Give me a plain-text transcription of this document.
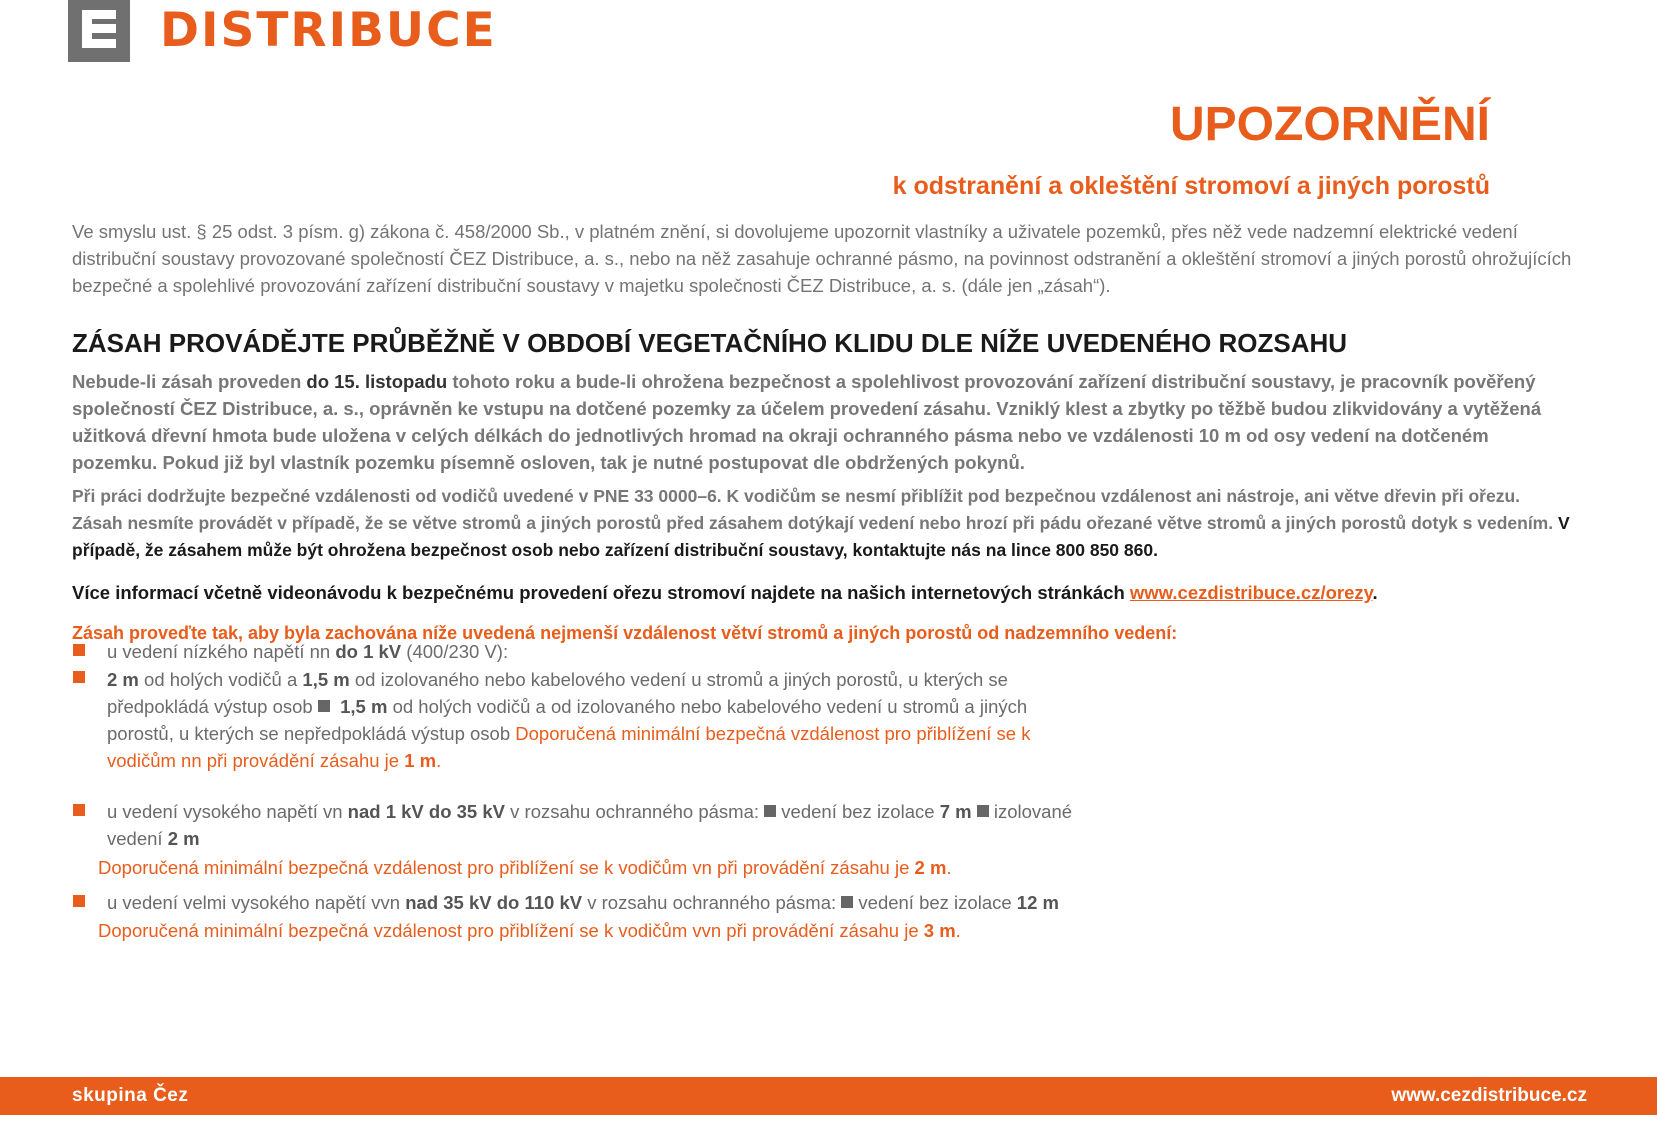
DISTRIBUCE
UPOZORNĚNÍ
k odstranění a okleštění stromoví a jiných porostů
Ve smyslu ust. § 25 odst. 3 písm. g) zákona č. 458/2000 Sb., v platném znění, si dovolujeme upozornit vlastníky a uživatele pozemků, přes něž vede nadzemní elektrické vedení distribuční soustavy provozované společností ČEZ Distribuce, a. s., nebo na něž zasahuje ochranné pásmo, na povinnost odstranění a okleštění stromoví a jiných porostů ohrožujících bezpečné a spolehlivé provozování zařízení distribuční soustavy v majetku společnosti ČEZ Distribuce, a. s. (dále jen „zásah“).
ZÁSAH PROVÁDĚJTE PRŮBĚŽNĚ V OBDOBÍ VEGETAČNÍHO KLIDU DLE NÍŽE UVEDENÉHO ROZSAHU
Nebude-li zásah proveden do 15. listopadu tohoto roku a bude-li ohrožena bezpečnost a spolehlivost provozování zařízení distribuční soustavy, je pracovník pověřený společností ČEZ Distribuce, a. s., oprávněn ke vstupu na dotčené pozemky za účelem provedení zásahu. Vzniklý klest a zbytky po těžbě budou zlikvidovány a vytěžená užitková dřevní hmota bude uložena v celých délkách do jednotlivých hromad na okraji ochranného pásma nebo ve vzdálenosti 10 m od osy vedení na dotčeném pozemku. Pokud již byl vlastník pozemku písemně osloven, tak je nutné postupovat dle obdržených pokynů.
Při práci dodržujte bezpečné vzdálenosti od vodičů uvedené v PNE 33 0000–6. K vodičům se nesmí přiblížit pod bezpečnou vzdálenost ani nástroje, ani větve dřevin při ořezu. Zásah nesmíte provádět v případě, že se větve stromů a jiných porostů před zásahem dotýkají vedení nebo hrozí při pádu ořezané větve stromů a jiných porostů dotyk s vedením. V případě, že zásahem může být ohrožena bezpečnost osob nebo zařízení distribuční soustavy, kontaktujte nás na lince 800 850 860.
Více informací včetně videonávodu k bezpečnému provedení ořezu stromoví najdete na našich internetových stránkách www.cezdistribuce.cz/orezy.
Zásah proveďte tak, aby byla zachována níže uvedená nejmenší vzdálenost větví stromů a jiných porostů od nadzemního vedení:
u vedení nízkého napětí nn do 1 kV (400/230 V):
2 m od holých vodičů a 1,5 m od izolovaného nebo kabelového vedení u stromů a jiných porostů, u kterých se předpokládá výstup osob   1,5 m od holých vodičů a od izolovaného nebo kabelového vedení u stromů a jiných porostů, u kterých se nepředpokládá výstup osob Doporučená minimální bezpečná vzdálenost pro přiblížení se k vodičům nn při provádění zásahu je 1 m.
u vedení vysokého napětí vn nad 1 kV do 35 kV v rozsahu ochranného pásma:  vedení bez izolace 7 m  izolované vedení 2 m
Doporučená minimální bezpečná vzdálenost pro přiblížení se k vodičům vn při provádění zásahu je 2 m.
u vedení velmi vysokého napětí vvn nad 35 kV do 110 kV v rozsahu ochranného pásma:  vedení bez izolace 12 m
Doporučená minimální bezpečná vzdálenost pro přiblížení se k vodičům vvn při provádění zásahu je 3 m.
skupina Čez	www.cezdistribuce.cz
